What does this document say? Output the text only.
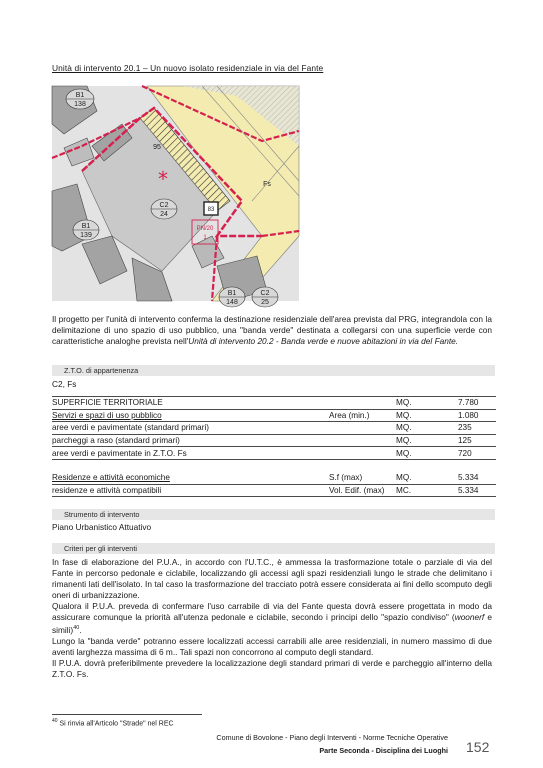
Unità di intervento 20.1 – Un nuovo isolato residenziale in via del Fante
*
B1
138
95
Fs
C2
24
83
PN/20
1
B1
139
B1
148
C2
25
Il progetto per l'unità di intervento conferma la destinazione residenziale dell'area prevista dal PRG, integrandola con la delimitazione di uno spazio di uso pubblico, una "banda verde" destinata a collegarsi con una superficie verde con caratteristiche analoghe prevista nell'Unità di intervento 20.2 - Banda verde e nuove abitazioni in via del Fante.
Z.T.O. di appartenenza
C2, Fs
SUPERFICIE TERRITORIALE		MQ.	7.780
Servizi e spazi di uso pubblico	Area (min.)	MQ.	1.080
aree verdi e pavimentate (standard primari)		MQ.	235
parcheggi a raso (standard primari)		MQ.	125
aree verdi e pavimentate in Z.T.O. Fs		MQ.	720

Residenze e attività economiche	S.f (max)	MQ.	5.334
residenze e attività compatibili	Vol. Edif. (max)	MC.	5.334
Strumento di intervento
Piano Urbanistico Attuativo
Criteri per gli interventi

In fase di elaborazione del P.U.A., in accordo con l'U.T.C., è ammessa la trasformazione totale o parziale di via del Fante in percorso pedonale e ciclabile, localizzando gli accessi agli spazi residenziali lungo le strade che delimitano i rimanenti lati dell'isolato. In tal caso la trasformazione del tracciato potrà essere considerata ai fini dello scomputo degli oneri di urbanizzazione.

Qualora il P.U.A. preveda di confermare l'uso carrabile di via del Fante questa dovrà essere progettata in modo da assicurare comunque la priorità all'utenza pedonale e ciclabile, secondo i principi dello "spazio condiviso" (woonerf e simili)$^{40}$.

Lungo la "banda verde" potranno essere localizzati accessi carrabili alle aree residenziali, in numero massimo di due aventi larghezza massima di 6 m.. Tali spazi non concorrono al computo degli standard.

Il P.U.A. dovrà preferibilmente prevedere la localizzazione degli standard primari di verde e parcheggio all'interno della Z.T.O. Fs.

$^{40}$ Si rinvia all'Articolo "Strade" nel REC
Comune di Bovolone - Piano degli Interventi - Norme Tecniche Operative
Parte Seconda - Disciplina dei Luoghi 152
